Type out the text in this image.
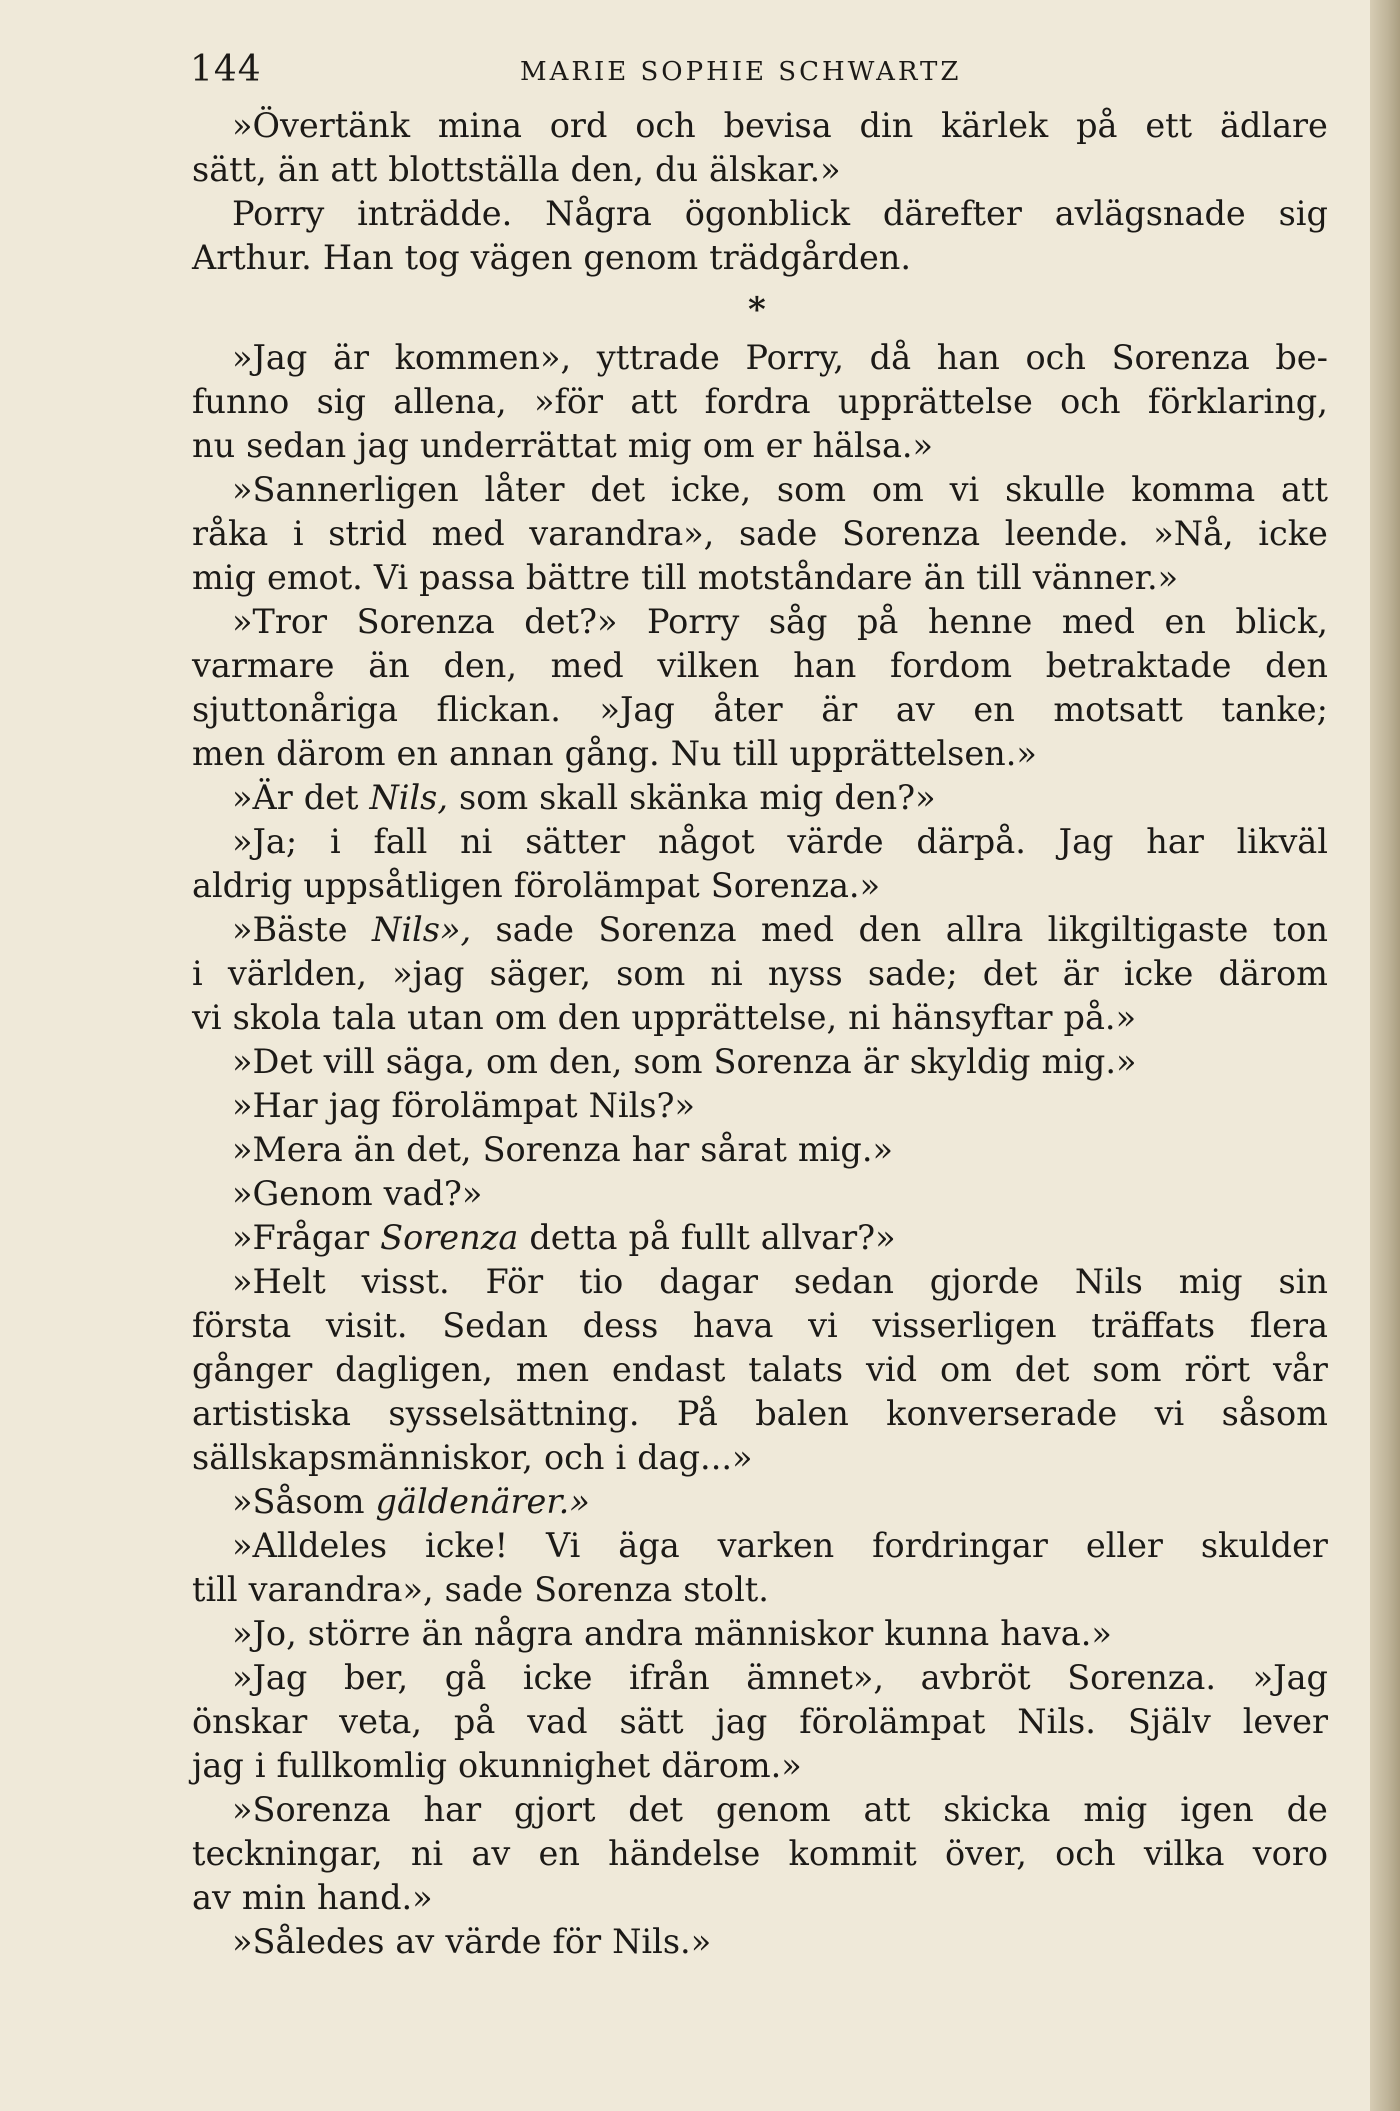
144	MARIE SOPHIE SCHWARTZ
»Övertänk mina ord och bevisa din kärlek på ett ädlare
sätt, än att blottställa den, du älskar.»
Porry inträdde. Några ögonblick därefter avlägsnade sig
Arthur. Han tog vägen genom trädgården.
*
»Jag är kommen», yttrade Porry, då han och Sorenza be-
funno sig allena, »för att fordra upprättelse och förklaring,
nu sedan jag underrättat mig om er hälsa.»
»Sannerligen låter det icke, som om vi skulle komma att
råka i strid med varandra», sade Sorenza leende. »Nå, icke
mig emot. Vi passa bättre till motståndare än till vänner.»
»Tror Sorenza det?» Porry såg på henne med en blick,
varmare än den, med vilken han fordom betraktade den
sjuttonåriga flickan. »Jag åter är av en motsatt tanke;
men därom en annan gång. Nu till upprättelsen.»
»Är det Nils, som skall skänka mig den?»
»Ja; i fall ni sätter något värde därpå. Jag har likväl
aldrig uppsåtligen förolämpat Sorenza.»
»Bäste Nils», sade Sorenza med den allra likgiltigaste ton
i världen, »jag säger, som ni nyss sade; det är icke därom
vi skola tala utan om den upprättelse, ni hänsyftar på.»
»Det vill säga, om den, som Sorenza är skyldig mig.»
»Har jag förolämpat Nils?»
»Mera än det, Sorenza har sårat mig.»
»Genom vad?»
»Frågar Sorenza detta på fullt allvar?»
»Helt visst. För tio dagar sedan gjorde Nils mig sin
första visit. Sedan dess hava vi visserligen träffats flera
gånger dagligen, men endast talats vid om det som rört vår
artistiska sysselsättning. På balen konverserade vi såsom
sällskapsmänniskor, och i dag...»
»Såsom gäldenärer.»
»Alldeles icke! Vi äga varken fordringar eller skulder
till varandra», sade Sorenza stolt.
»Jo, större än några andra människor kunna hava.»
»Jag ber, gå icke ifrån ämnet», avbröt Sorenza. »Jag
önskar veta, på vad sätt jag förolämpat Nils. Själv lever
jag i fullkomlig okunnighet därom.»
»Sorenza har gjort det genom att skicka mig igen de
teckningar, ni av en händelse kommit över, och vilka voro
av min hand.»
»Således av värde för Nils.»
